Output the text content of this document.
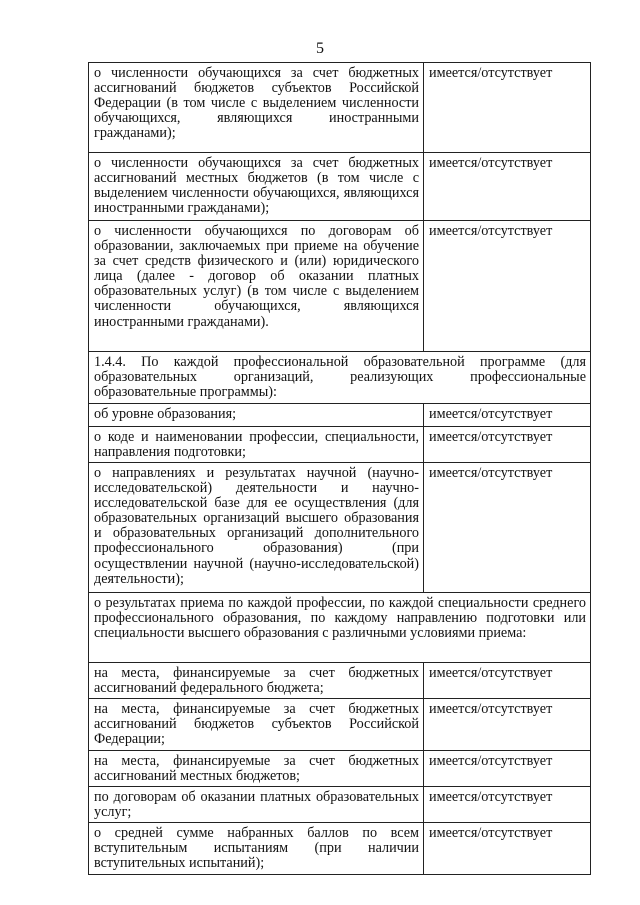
5
о численности обучающихся за счет бюджетных ассигнований бюджетов субъектов Российской Федерации (в том числе с выделением численности обучающихся, являющихся иностранными гражданами);	имеется/отсутствует
о численности обучающихся за счет бюджетных ассигнований местных бюджетов (в том числе с выделением численности обучающихся, являющихся иностранными гражданами);	имеется/отсутствует
о численности обучающихся по договорам об образовании, заключаемых при приеме на обучение за счет средств физического и (или) юридического лица (далее - договор об оказании платных образовательных услуг) (в том числе с выделением численности обучающихся, являющихся иностранными гражданами).	имеется/отсутствует
1.4.4. По каждой профессиональной образовательной программе (для образовательных организаций, реализующих профессиональные образовательные программы):	
об уровне образования;	имеется/отсутствует
о коде и наименовании профессии, специальности, направления подготовки;	имеется/отсутствует
о направлениях и результатах научной (научно-исследовательской) деятельности и научно-исследовательской базе для ее осуществления (для образовательных организаций высшего образования и образовательных организаций дополнительного профессионального образования) (при осуществлении научной (научно-исследовательской) деятельности);	имеется/отсутствует
о результатах приема по каждой профессии, по каждой специальности среднего профессионального образования, по каждому направлению подготовки или специальности высшего образования с различными условиями приема:	
на места, финансируемые за счет бюджетных ассигнований федерального бюджета;	имеется/отсутствует
на места, финансируемые за счет бюджетных ассигнований бюджетов субъектов Российской Федерации;	имеется/отсутствует
на места, финансируемые за счет бюджетных ассигнований местных бюджетов;	имеется/отсутствует
по договорам об оказании платных образовательных услуг;	имеется/отсутствует
о средней сумме набранных баллов по всем вступительным испытаниям (при наличии вступительных испытаний);	имеется/отсутствует
